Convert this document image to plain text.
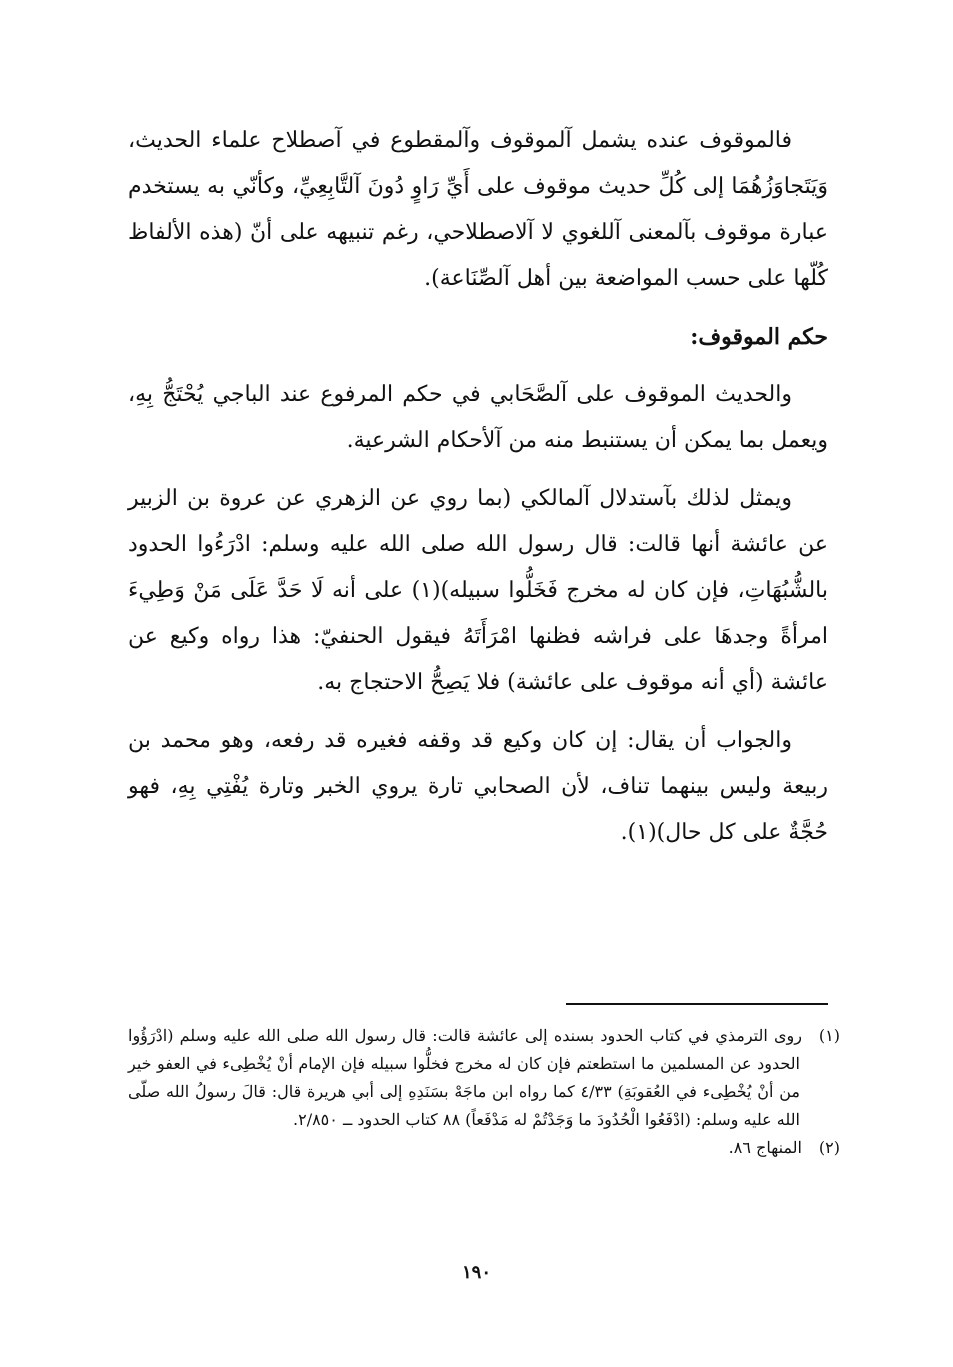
فالموقوف عنده يشمل آلموقوف وآلمقطوع في آصطلاح علماء الحديث، وَيَتَجاوَزُهُمَا إلى كُلِّ حديث موقوف على أَيِّ رَاوٍ دُونَ آلتَّابِعِيِّ، وكأنّي به يستخدم عبارة موقوف بآلمعنى آللغوي لا آلاصطلاحي، رغم تنبيهه على أنّ (هذه الألفاظ كُلّها على حسب المواضعة بين أهل آلصِّنَاعة).

حكم الموقوف:

والحديث الموقوف على آلصَّحَابي في حكم المرفوع عند الباجي يُحْتَجُّ بِهِ، ويعمل بما يمكن أن يستنبط منه من آلأحكام الشرعية.

ويمثل لذلك بآستدلال آلمالكي (بما روي عن الزهري عن عروة بن الزبير عن عائشة أنها قالت: قال رسول الله صلى الله عليه وسلم: ادْرَءُوا الحدود بالشُّبُهَاتِ، فإن كان له مخرج فَخَلُّوا سبيله)(١) على أنه لَا حَدَّ عَلَى مَنْ وَطِيءَ امرأةً وجدهَا على فراشه فظنها امْرَأَتَهُ فيقول الحنفيّ: هذا رواه وكيع عن عائشة (أي أنه موقوف على عائشة) فلا يَصِحُّ الاحتجاج به.

والجواب أن يقال: إن كان وكيع قد وقفه فغيره قد رفعه، وهو محمد بن ربيعة وليس بينهما تناف، لأن الصحابي تارة يروي الخبر وتارة يُفْتِي بِهِ، فهو حُجَّةٌ على كل حال)(١).

(١)روى الترمذي في كتاب الحدود بسنده إلى عائشة قالت: قال رسول الله صلى الله عليه وسلم (ادْرَؤُوا الحدود عن المسلمين ما استطعتم فإن كان له مخرج فخلُّوا سبيله فإن الإمام أنْ يُخْطِىء في العفو خير من أنْ يُخْطِىء في العُقوبَةِ) ٤/٣٣ كما رواه ابن ماجَهْ بسَنَدِهِ إلى أبي هريرة قال: قالَ رسولُ الله صلّى الله عليه وسلم: (ادْفَعُوا الْحُدُودَ ما وَجَدْتُمْ له مَدْفَعاً) ٨٨ كتاب الحدود ــ ٢/٨٥٠.

(٢)المنهاج ٨٦.

١٩٠
